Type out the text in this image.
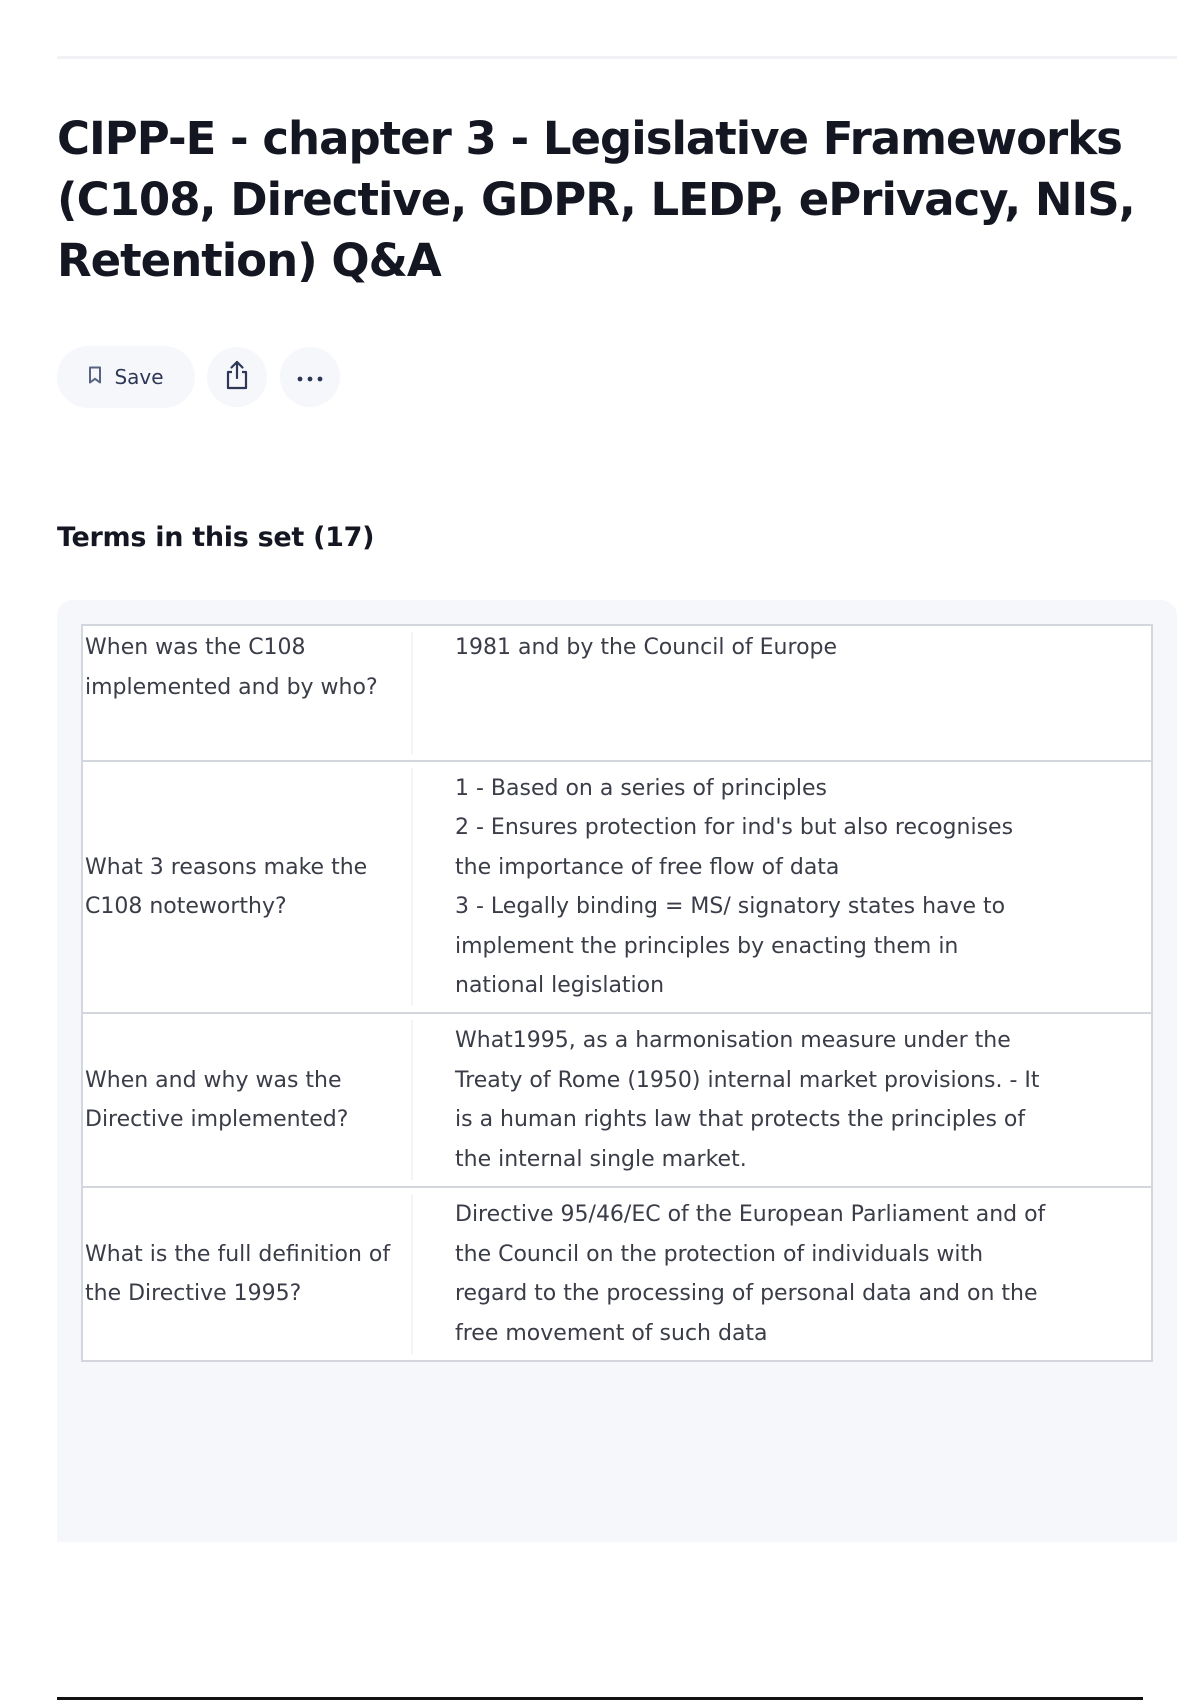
CIPP-E - chapter 3 - Legislative Frameworks (C108, Directive, GDPR, LEDP, ePrivacy, NIS, Retention) Q&A
Save
Terms in this set (17)
When was the C108 implemented and by who?	1981 and by the Council of Europe

What 3 reasons make the C108 noteworthy?	1 - Based on a series of principles
2 - Ensures protection for ind's but also recognises the importance of free flow of data
3 - Legally binding = MS/ signatory states have to implement the principles by enacting them in national legislation

When and why was the Directive implemented?	What1995, as a harmonisation measure under the Treaty of Rome (1950) internal market provisions. - It is a human rights law that protects the principles of the internal single market.

What is the full definition of the Directive 1995?	Directive 95/46/EC of the European Parliament and of the Council on the protection of individuals with regard to the processing of personal data and on the free movement of such data
